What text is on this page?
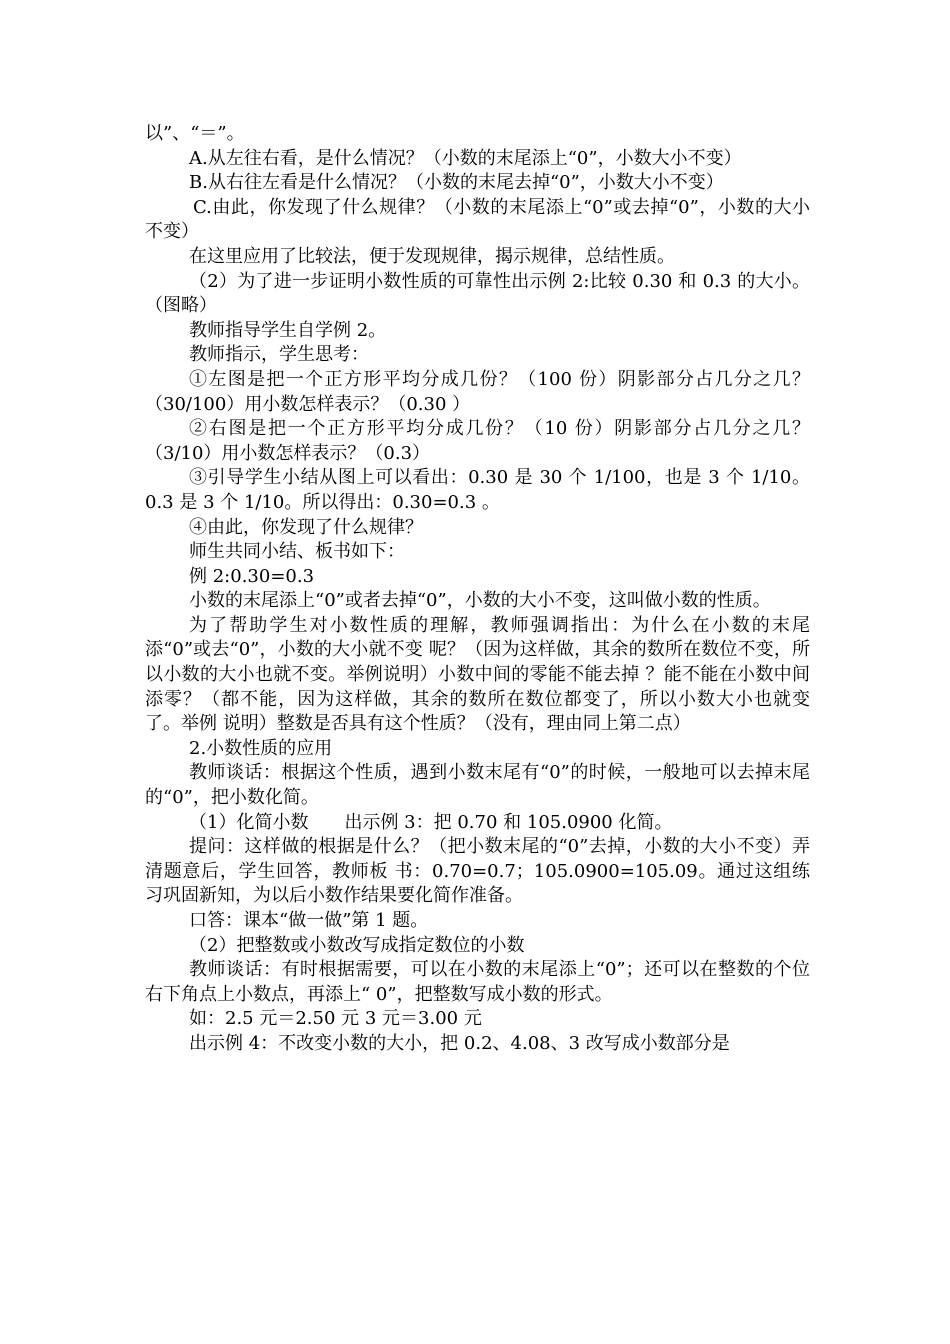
以”、“＝”。

A.从左往右看，是什么情况？（小数的末尾添上“0”，小数大小不变）

B.从右往左看是什么情况？（小数的末尾去掉“0”，小数大小不变）

C.由此，你发现了什么规律？（小数的末尾添上“0”或去掉“0”，小数的大小不变）

在这里应用了比较法，便于发现规律，揭示规律，总结性质。

（2）为了进一步证明小数性质的可靠性出示例 2:比较 0.30 和 0.3 的大小。（图略）

教师指导学生自学例 2。

教师指示，学生思考：

①左图是把一个正方形平均分成几份？（100 份）阴影部分占几分之几？（30/100）用小数怎样表示？（0.30 ）

②右图是把一个正方形平均分成几份？（10 份）阴影部分占几分之几？（3/10）用小数怎样表示？（0.3）

③引导学生小结从图上可以看出：0.30 是 30 个 1/100，也是 3 个 1/10。0.3 是 3 个 1/10。所以得出：0.30=0.3 。

④由此，你发现了什么规律？

师生共同小结、板书如下：

例 2:0.30=0.3

小数的末尾添上“0”或者去掉“0”，小数的大小不变，这叫做小数的性质。

为了帮助学生对小数性质的理解，教师强调指出：为什么在小数的末尾添“0”或去“0”，小数的大小就不变 呢？（因为这样做，其余的数所在数位不变，所以小数的大小也就不变。举例说明）小数中间的零能不能去掉 ？能不能在小数中间添零？（都不能，因为这样做，其余的数所在数位都变了，所以小数大小也就变了。举例 说明）整数是否具有这个性质？（没有，理由同上第二点）

2.小数性质的应用

教师谈话：根据这个性质，遇到小数末尾有“0”的时候，一般地可以去掉末尾的“0”，把小数化简。

（1）化简小数　　出示例 3：把 0.70 和 105.0900 化简。

提问：这样做的根据是什么？（把小数末尾的“0”去掉，小数的大小不变）弄清题意后，学生回答，教师板 书：0.70=0.7；105.0900=105.09。通过这组练习巩固新知，为以后小数作结果要化简作准备。

口答：课本“做一做”第 1 题。

（2）把整数或小数改写成指定数位的小数

教师谈话：有时根据需要，可以在小数的末尾添上“0”；还可以在整数的个位右下角点上小数点，再添上“ 0”，把整数写成小数的形式。

如：2.5 元＝2.50 元 3 元＝3.00 元

出示例 4：不改变小数的大小，把 0.2、4.08、3 改写成小数部分是
